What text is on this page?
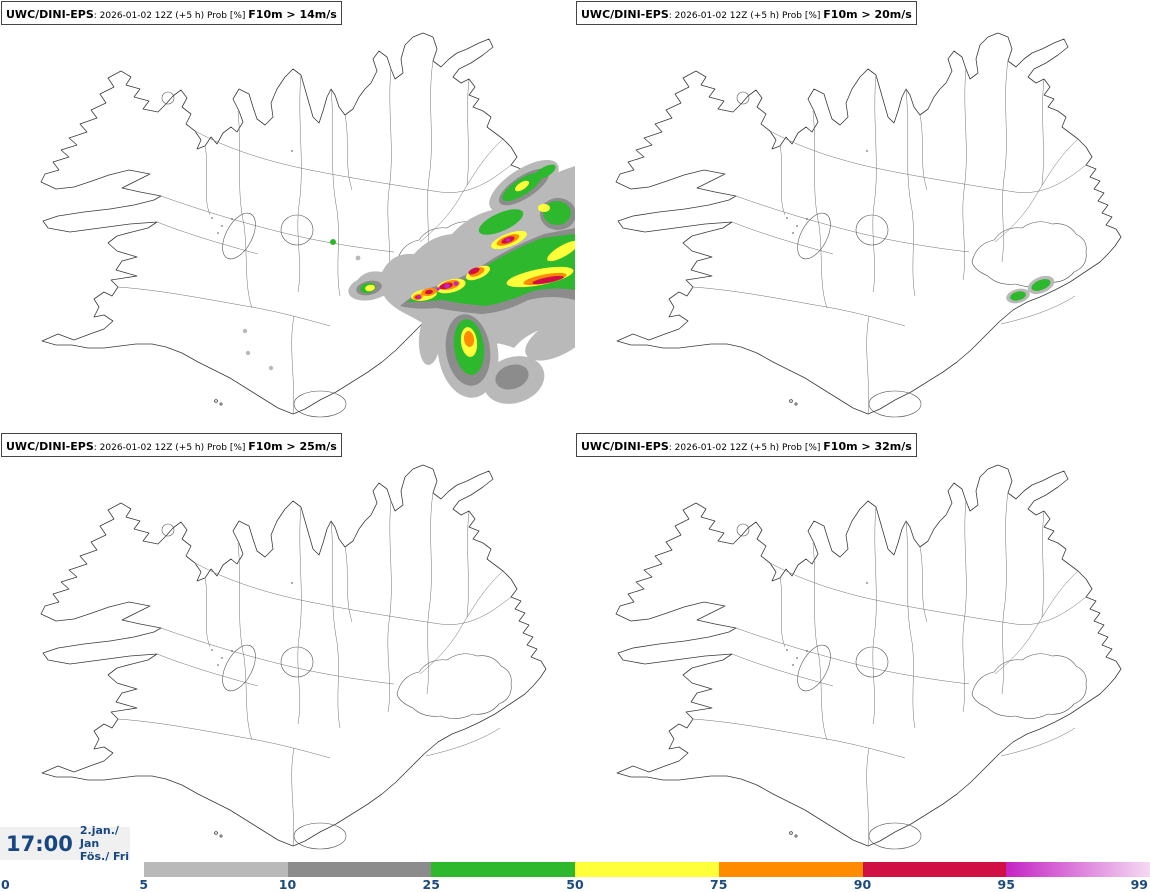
UWC/DINI-EPS: 2026-01-02 12Z (+5 h) Prob [%] F10m > 14m/s	UWC/DINI-EPS: 2026-01-02 12Z (+5 h) Prob [%] F10m > 20m/s
UWC/DINI-EPS: 2026-01-02 12Z (+5 h) Prob [%] F10m > 25m/s	UWC/DINI-EPS: 2026-01-02 12Z (+5 h) Prob [%] F10m > 32m/s
17:00
2.jan./ Jan
Fös./ Fri
0	5	10	25	50	75	90	95	99
